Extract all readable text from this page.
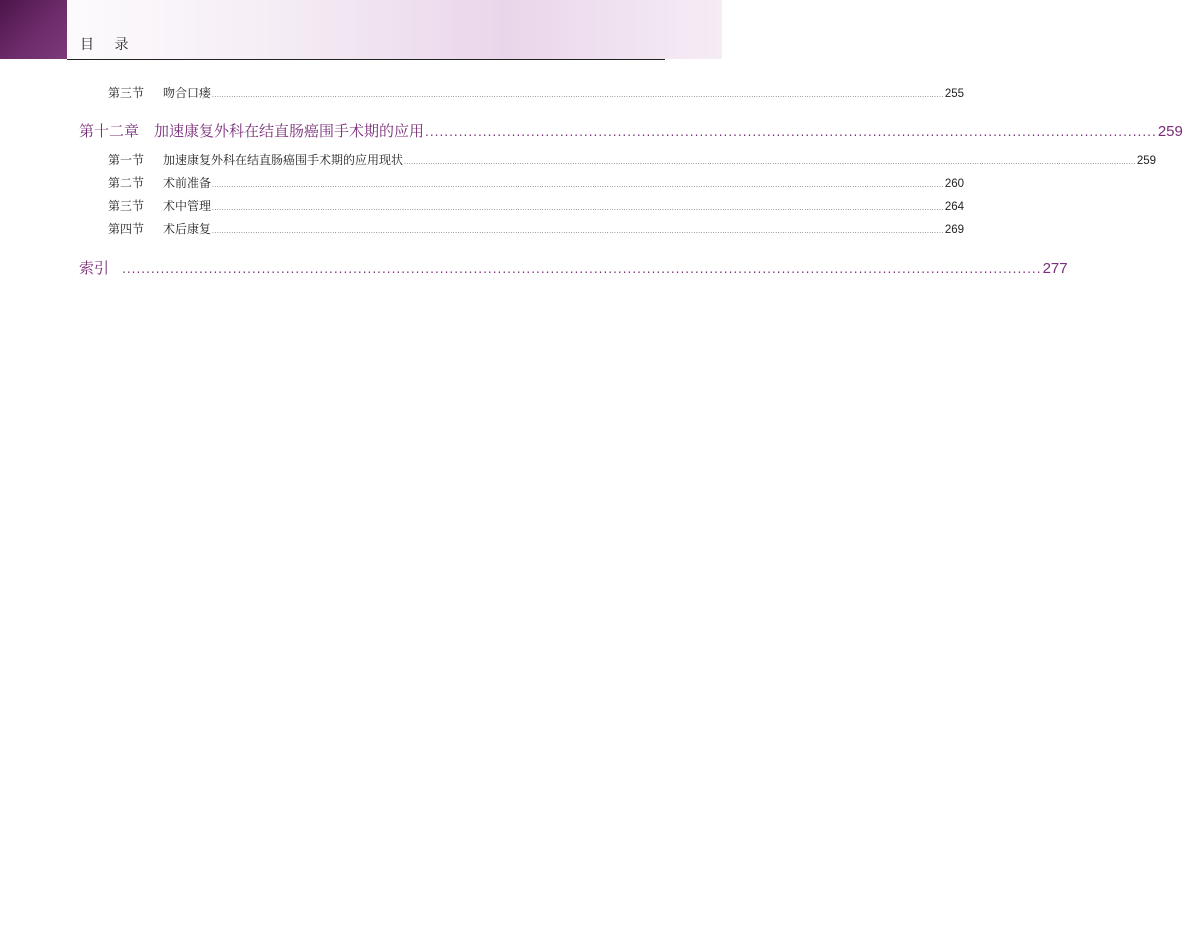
目 录
第三节	吻合口瘘 ................................................................................................................................................................................................................................................................................................................ 255
第十二章 加速康复外科在结直肠癌围手术期的应用 ........................................................................................................................................................ 259
第一节	加速康复外科在结直肠癌围手术期的应用现状 ................................................................................................................................................................................................................................................................................................................ 259
第二节	术前准备 ................................................................................................................................................................................................................................................................................................................ 260
第三节	术中管理 ................................................................................................................................................................................................................................................................................................................ 264
第四节	术后康复 ................................................................................................................................................................................................................................................................................................................ 269
索引	............................................................................................................................................................................................... 277
